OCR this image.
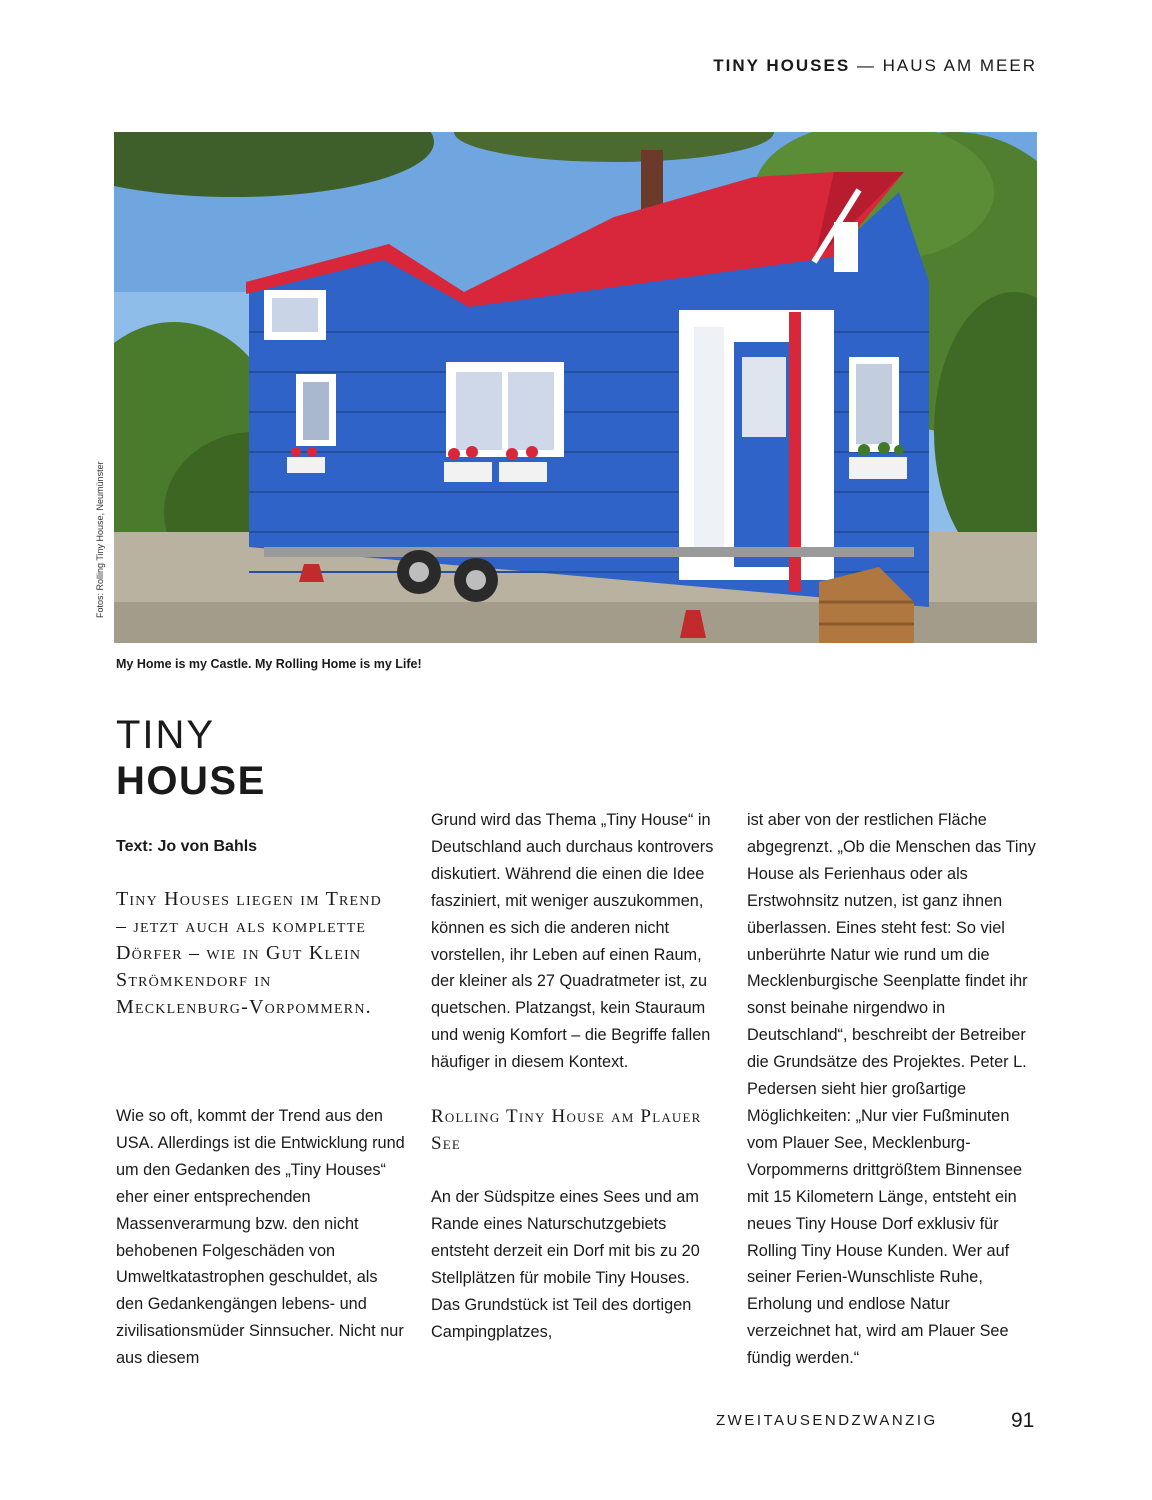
TINY HOUSES — HAUS AM MEER
Fotos: Rolling Tiny House, Neumünster
My Home is my Castle. My Rolling Home is my Life!
TINY
HOUSE
Text: Jo von Bahls
Tiny Houses liegen im Trend – jetzt auch als komplette Dörfer – wie in Gut Klein Strömkendorf in Mecklenburg-Vorpommern.

Wie so oft, kommt der Trend aus den USA. Allerdings ist die Entwicklung rund um den Gedanken des „Tiny Houses“ eher einer entsprechenden Massenverarmung bzw. den nicht behobenen Folgeschäden von Umweltkatastrophen geschuldet, als den Gedankengängen lebens- und zivilisationsmüder Sinnsucher. Nicht nur aus diesem

Grund wird das Thema „Tiny House“ in Deutschland auch durchaus kontrovers diskutiert. Während die einen die Idee fasziniert, mit weniger auszukommen, können es sich die anderen nicht vorstellen, ihr Leben auf einen Raum, der kleiner als 27 Quadratmeter ist, zu quetschen. Platzangst, kein Stauraum und wenig Komfort – die Begriffe fallen häufiger in diesem Kontext.

Rolling Tiny House am Plauer See

An der Südspitze eines Sees und am Rande eines Naturschutzgebiets entsteht derzeit ein Dorf mit bis zu 20 Stellplätzen für mobile Tiny Houses. Das Grundstück ist Teil des dortigen Campingplatzes,

ist aber von der restlichen Fläche abgegrenzt. „Ob die Menschen das Tiny House als Ferienhaus oder als Erstwohnsitz nutzen, ist ganz ihnen überlassen. Eines steht fest: So viel unberührte Natur wie rund um die Mecklenburgische Seenplatte findet ihr sonst beinahe nirgendwo in Deutschland“, beschreibt der Betreiber die Grundsätze des Projektes. Peter L. Pedersen sieht hier großartige Möglichkeiten: „Nur vier Fußminuten vom Plauer See, Mecklenburg-Vorpommerns drittgrößtem Binnensee mit 15 Kilometern Länge, entsteht ein neues Tiny House Dorf exklusiv für Rolling Tiny House Kunden. Wer auf seiner Ferien-Wunschliste Ruhe, Erholung und endlose Natur verzeichnet hat, wird am Plauer See fündig werden.“

ZWEITAUSENDZWANZIG	91
